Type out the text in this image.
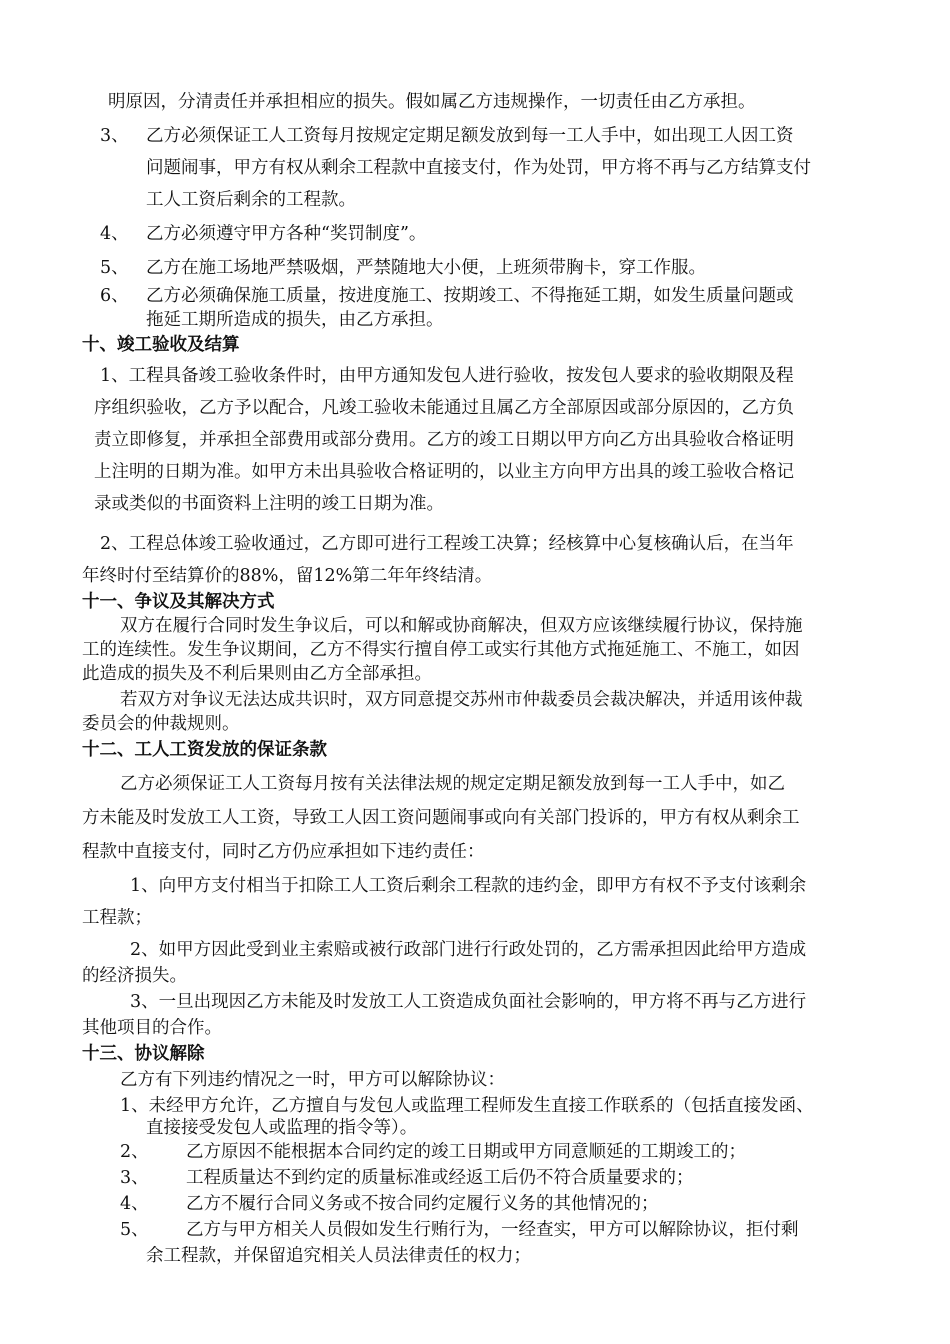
明原因，分清责任并承担相应的损失。假如属乙方违规操作，一切责任由乙方承担。
3、 乙方必须保证工人工资每月按规定定期足额发放到每一工人手中，如出现工人因工资
问题闹事，甲方有权从剩余工程款中直接支付，作为处罚，甲方将不再与乙方结算支付
工人工资后剩余的工程款。
4、 乙方必须遵守甲方各种“奖罚制度”。
5、 乙方在施工场地严禁吸烟，严禁随地大小便，上班须带胸卡，穿工作服。
6、 乙方必须确保施工质量，按进度施工、按期竣工、不得拖延工期，如发生质量问题或
拖延工期所造成的损失，由乙方承担。
十、竣工验收及结算
1、工程具备竣工验收条件时，由甲方通知发包人进行验收，按发包人要求的验收期限及程
序组织验收，乙方予以配合，凡竣工验收未能通过且属乙方全部原因或部分原因的，乙方负
责立即修复，并承担全部费用或部分费用。乙方的竣工日期以甲方向乙方出具验收合格证明
上注明的日期为准。如甲方未出具验收合格证明的，以业主方向甲方出具的竣工验收合格记
录或类似的书面资料上注明的竣工日期为准。
2、工程总体竣工验收通过，乙方即可进行工程竣工决算；经核算中心复核确认后，在当年
年终时付至结算价的88%，留12%第二年年终结清。
十一、争议及其解决方式
双方在履行合同时发生争议后，可以和解或协商解决，但双方应该继续履行协议，保持施
工的连续性。发生争议期间，乙方不得实行擅自停工或实行其他方式拖延施工、不施工，如因
此造成的损失及不利后果则由乙方全部承担。
若双方对争议无法达成共识时，双方同意提交苏州市仲裁委员会裁决解决，并适用该仲裁
委员会的仲裁规则。
十二、工人工资发放的保证条款
乙方必须保证工人工资每月按有关法律法规的规定定期足额发放到每一工人手中，如乙
方未能及时发放工人工资，导致工人因工资问题闹事或向有关部门投诉的，甲方有权从剩余工
程款中直接支付，同时乙方仍应承担如下违约责任：
1、向甲方支付相当于扣除工人工资后剩余工程款的违约金，即甲方有权不予支付该剩余
工程款；
2、如甲方因此受到业主索赔或被行政部门进行行政处罚的，乙方需承担因此给甲方造成
的经济损失。
3、一旦出现因乙方未能及时发放工人工资造成负面社会影响的，甲方将不再与乙方进行
其他项目的合作。
十三、协议解除
乙方有下列违约情况之一时，甲方可以解除协议：
1、未经甲方允许，乙方擅自与发包人或监理工程师发生直接工作联系的（包括直接发函、
直接接受发包人或监理的指令等）。
2、 乙方原因不能根据本合同约定的竣工日期或甲方同意顺延的工期竣工的；
3、 工程质量达不到约定的质量标准或经返工后仍不符合质量要求的；
4、 乙方不履行合同义务或不按合同约定履行义务的其他情况的；
5、 乙方与甲方相关人员假如发生行贿行为，一经查实，甲方可以解除协议，拒付剩
余工程款，并保留追究相关人员法律责任的权力；
